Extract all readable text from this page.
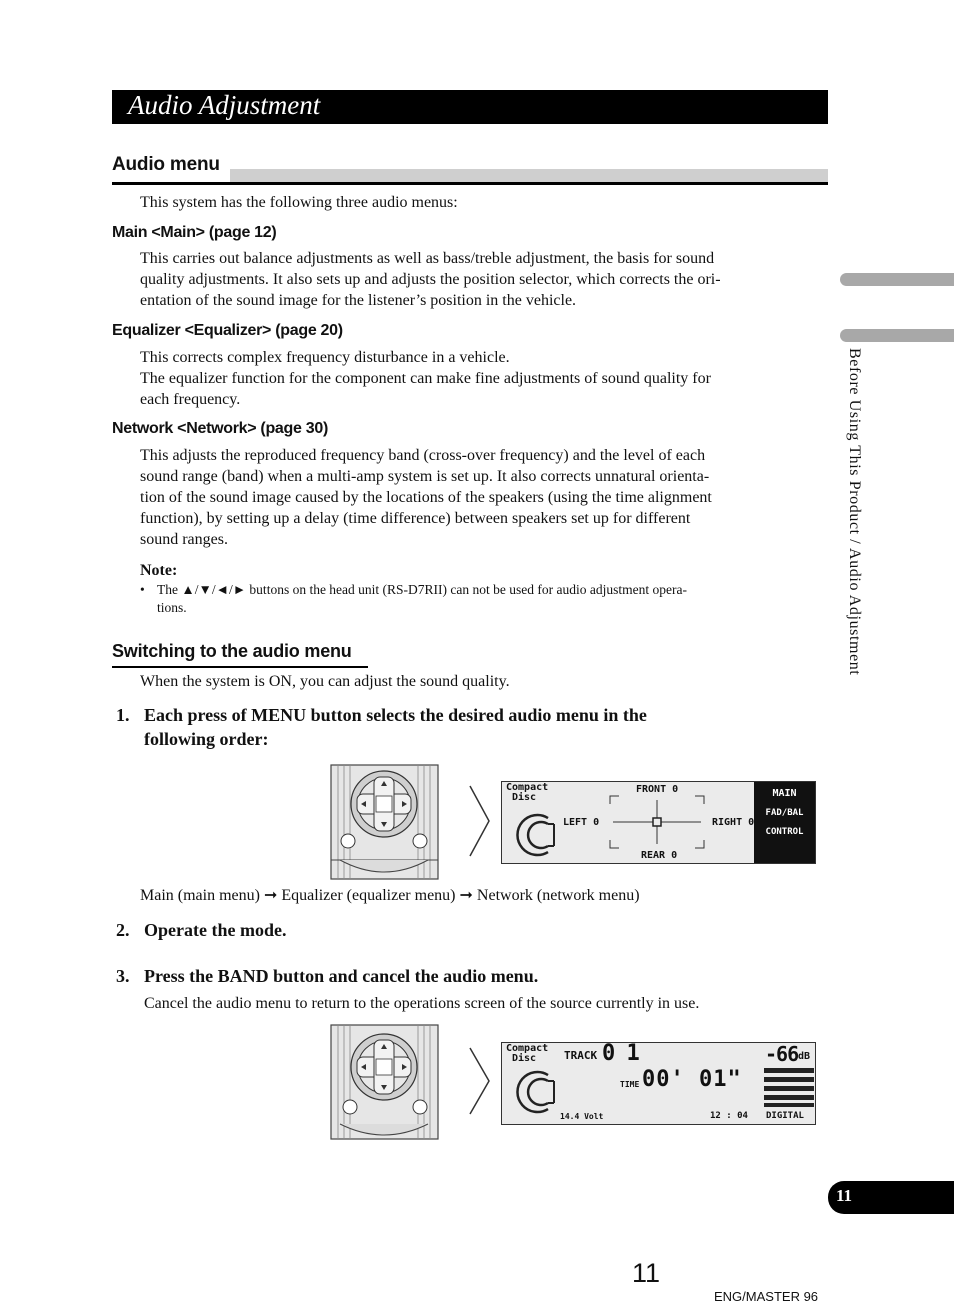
Audio Adjustment
Audio menu
This system has the following three audio menus:
Main <Main> (page 12)

This carries out balance adjustments as well as bass/treble adjustment, the basis for sound

quality adjustments. It also sets up and adjusts the position selector, which corrects the ori-

entation of the sound image for the listener’s position in the vehicle.

Equalizer <Equalizer> (page 20)

This corrects complex frequency disturbance in a vehicle.

The equalizer function for the component can make fine adjustments of sound quality for

each frequency.

Network <Network> (page 30)

This adjusts the reproduced frequency band (cross-over frequency) and the level of each

sound range (band) when a multi-amp system is set up. It also corrects unnatural orienta-

tion of the sound image caused by the locations of the speakers (using the time alignment

function), by setting up a delay (time difference) between speakers set up for different

sound ranges.

Note:
• The ▲/▼/◄/► buttons on the head unit (RS-D7RII) can not be used for audio adjustment opera-
tions.
Switching to the audio menu
When the system is ON, you can adjust the sound quality.
1. Each press of MENU button selects the desired audio menu in the
following order:
Compact
Disc
FRONT 0
LEFT 0	RIGHT 0
REAR 0
MAIN
FAD/BAL
CONTROL
Main (main menu) ➞ Equalizer (equalizer menu) ➞ Network (network menu)
2. Operate the mode.
3. Press the BAND button and cancel the audio menu.
Cancel the audio menu to return to the operations screen of the source currently in use.
Compact
Disc	TRACK 0 1	-66 dB
TIME 00' 01"
14.4 Volt	12 : 04 DIGITAL
Before Using This Product / Audio Adjustment
11
11
ENG/MASTER 96
